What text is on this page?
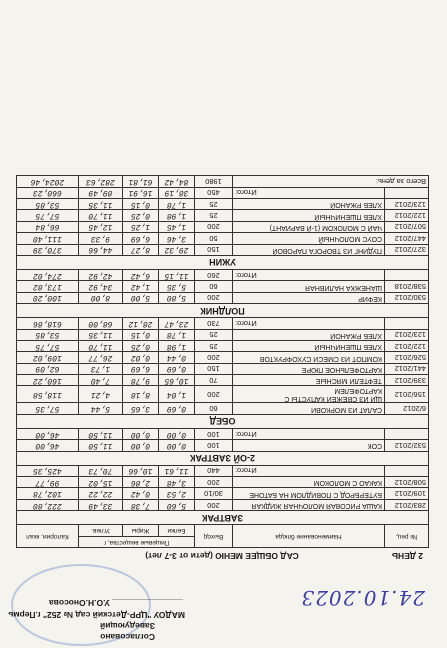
Согласовано
Заведующий
МАДОУ "ЦРР-Детский сад № 252" г.Пермь
_______________ У.О.Н.Оносова	24.10.2023
2 ДЕНЬ
САД ОБЩЕЕ МЕНЮ (дети от 3-7 лет)
№ рец.	Наименование блюда	Выход	Пищевые вещества, г			Калории, ккал
			Белки	Жиры	Углев.	
ЗАВТРАК						
283/2012	КАША РИСОВАЯ МОЛОЧНАЯ ЖИДКАЯ	200	5,60	7,38	33,49	222,80
109/2012	БУТЕРБРОД С ПОВИДЛОМ НА БАТОНЕ	30/10	2,53	0,42	22,22	102,78
508/2012	КАКАО С МОЛОКОМ	200	3,48	2,86	15,02	99,77
	Итого:	440	11,61	10,66	70,73	425,35
2-ОЙ ЗАВТРАК						
532/2012	СОК	100	0,00	0,00	11,50	46,00
	Итого:	100	0,00	0,00	11,50	46,00
ОБЕД						
6/2012	САЛАТ ИЗ МОРКОВИ	60	0,69	3,65	5,44	57,35
156/2012	ЩИ ИЗ СВЕЖЕЙ КАПУСТЫ С КАРТОФЕЛЕМ	200	1,04	8,18	4,21	118,58
339/2012	ТЕФТЕЛИ МЯСНЫЕ	70	10,65	9,78	7,40	160,22
441/2012	КАРТОФЕЛЬНОЕ ПЮРЕ	150	0,69	6,69	1,73	62,09
526/2012	КОМПОТ ИЗ СМЕСИ СУХОФРУКТОВ	200	0,44	0,02	26,77	109,02
122/2012	ХЛЕБ ПШЕНИЧНЫЙ	25	1,98	0,25	11,70	57,75
123/2012	ХЛЕБ РЖАНОЙ	25	1,78	0,15	11,35	53,85
	Итого:	730	23,47	28,12	68,00	618,86
ПОЛДНИК						
530/2012	КЕФИР	200	5,80	5,00	8,00	100,20
538/2018	ШАНЕЖКА НАЛИВНАЯ	60	5,35	1,42	34,92	173,82
	Итого:	260	11,15	6,42	42,92	274,02
УЖИН						
327/2012	ПУДИНГ ИЗ ТВОРОГА ПАРОВОЙ	150	29,32	8,27	44,66	370,39
447/2012	СОУС МОЛОЧНЫЙ	50	3,46	6,69	9,33	111,40
507/2012	ЧАЙ С МОЛОКОМ (1-Й ВАРИАНТ)	200	1,45	1,25	12,45	66,84
122/2012	ХЛЕБ ПШЕНИЧНЫЙ	25	1,98	0,25	11,70	57,75
123/2012	ХЛЕБ РЖАНОЙ	25	1,78	0,15	11,35	53,85
	Итого:	450	38,19	16,91	89,49	660,23
Всего за день:		1980	84,42	61,81	282,63	2024,46
